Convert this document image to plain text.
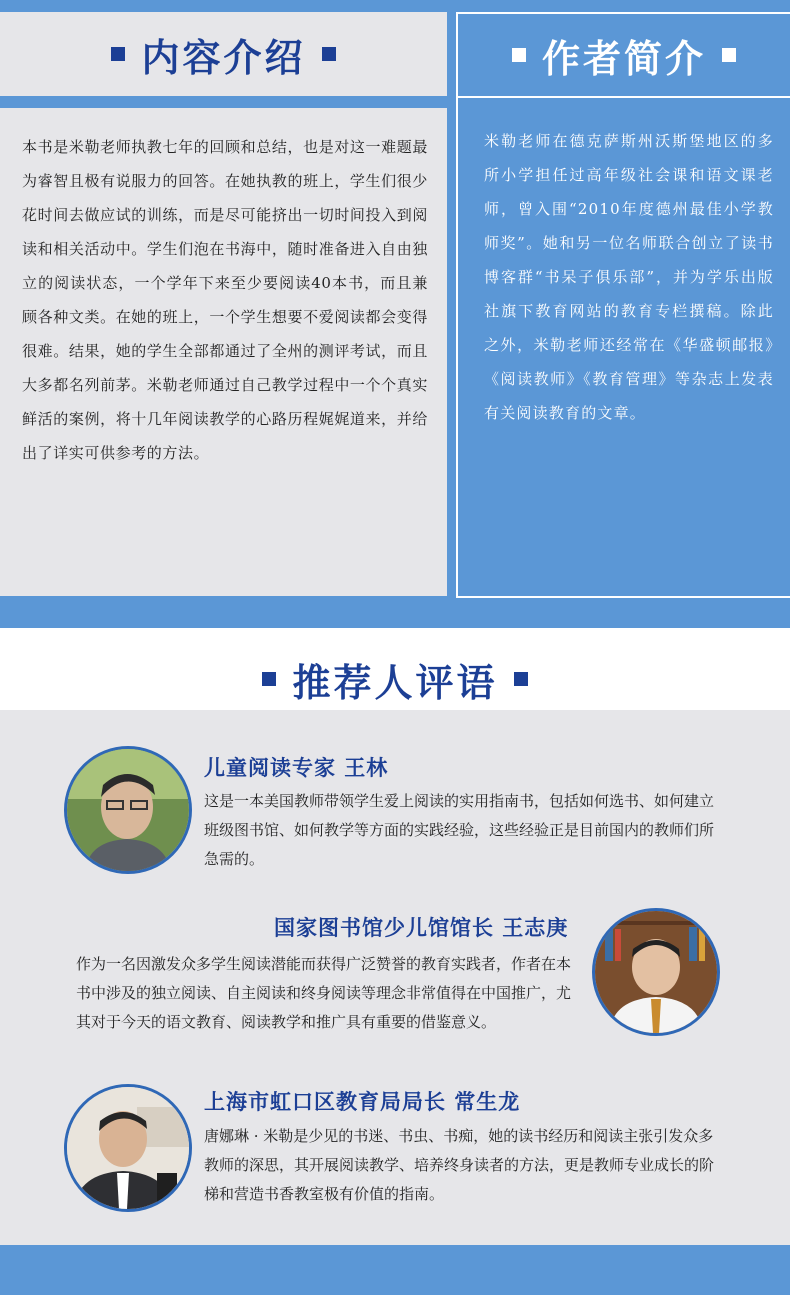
内容介绍
本书是米勒老师执教七年的回顾和总结，也是对这一难题最为睿智且极有说服力的回答。在她执教的班上，学生们很少花时间去做应试的训练，而是尽可能挤出一切时间投入到阅读和相关活动中。学生们泡在书海中，随时准备进入自由独立的阅读状态，一个学年下来至少要阅读40本书，而且兼顾各种文类。在她的班上，一个学生想要不爱阅读都会变得很难。结果，她的学生全部都通过了全州的测评考试，而且大多都名列前茅。米勒老师通过自己教学过程中一个个真实鲜活的案例，将十几年阅读教学的心路历程娓娓道来，并给出了详实可供参考的方法。
作者简介
米勒老师在德克萨斯州沃斯堡地区的多所小学担任过高年级社会课和语文课老师，曾入围“2010年度德州最佳小学教师奖”。她和另一位名师联合创立了读书博客群“书呆子俱乐部”，并为学乐出版社旗下教育网站的教育专栏撰稿。除此之外，米勒老师还经常在《华盛顿邮报》《阅读教师》《教育管理》等杂志上发表有关阅读教育的文章。
推荐人评语
儿童阅读专家 王林
这是一本美国教师带领学生爱上阅读的实用指南书，包括如何选书、如何建立班级图书馆、如何教学等方面的实践经验，这些经验正是目前国内的教师们所急需的。
国家图书馆少儿馆馆长 王志庚
作为一名因激发众多学生阅读潜能而获得广泛赞誉的教育实践者，作者在本书中涉及的独立阅读、自主阅读和终身阅读等理念非常值得在中国推广，尤其对于今天的语文教育、阅读教学和推广具有重要的借鉴意义。
上海市虹口区教育局局长 常生龙
唐娜琳 · 米勒是少见的书迷、书虫、书痴，她的读书经历和阅读主张引发众多教师的深思，其开展阅读教学、培养终身读者的方法，更是教师专业成长的阶梯和营造书香教室极有价值的指南。
